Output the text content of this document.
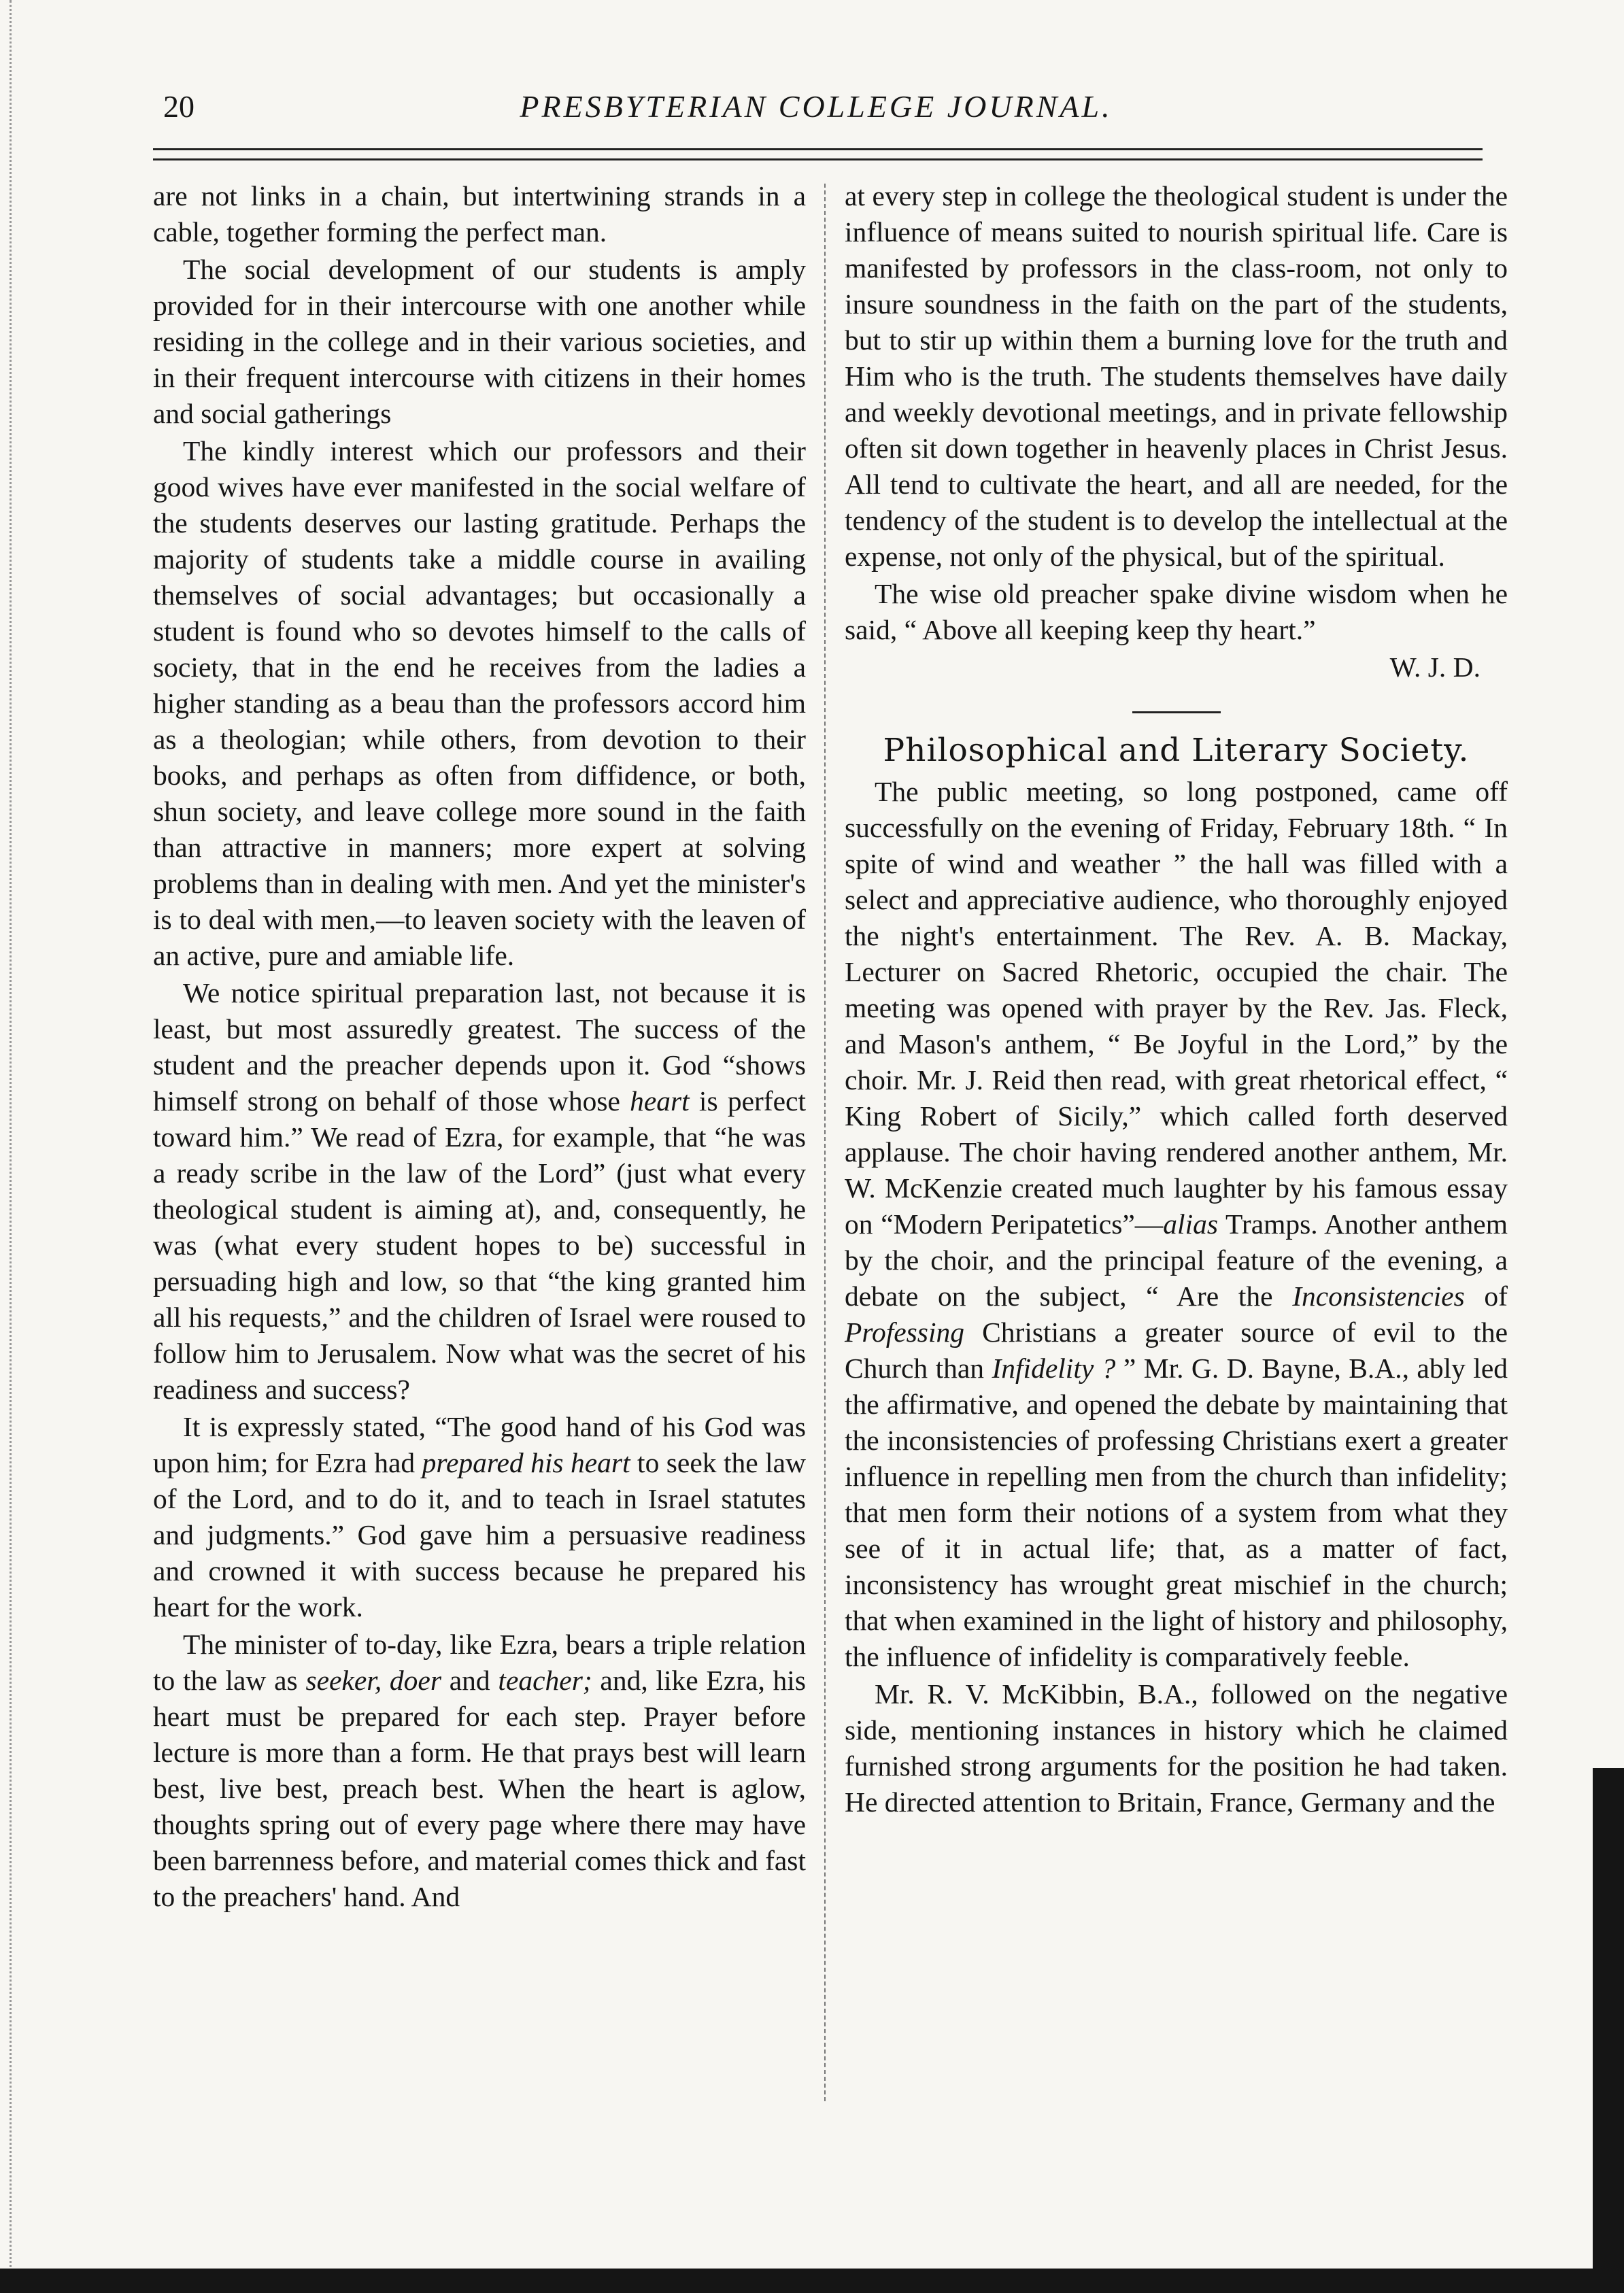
20	PRESBYTERIAN COLLEGE JOURNAL.

are not links in a chain, but intertwining strands in a cable, together forming the perfect man.

The social development of our students is amply provided for in their intercourse with one another while residing in the college and in their various societies, and in their frequent intercourse with citizens in their homes and social gatherings

The kindly interest which our professors and their good wives have ever manifested in the social welfare of the students deserves our lasting gratitude. Perhaps the majority of students take a middle course in availing themselves of social advantages; but occasionally a student is found who so devotes himself to the calls of society, that in the end he receives from the ladies a higher standing as a beau than the professors accord him as a theologian; while others, from devotion to their books, and perhaps as often from diffidence, or both, shun society, and leave college more sound in the faith than attractive in manners; more expert at solving problems than in dealing with men. And yet the minister's is to deal with men,—to leaven society with the leaven of an active, pure and amiable life.

We notice spiritual preparation last, not because it is least, but most assuredly greatest. The success of the student and the preacher depends upon it. God “shows himself strong on behalf of those whose heart is perfect toward him.” We read of Ezra, for example, that “he was a ready scribe in the law of the Lord” (just what every theological student is aiming at), and, consequently, he was (what every student hopes to be) successful in persuading high and low, so that “the king granted him all his requests,” and the children of Israel were roused to follow him to Jerusalem. Now what was the secret of his readiness and success?

It is expressly stated, “The good hand of his God was upon him; for Ezra had prepared his heart to seek the law of the Lord, and to do it, and to teach in Israel statutes and judgments.” God gave him a persuasive readiness and crowned it with success because he prepared his heart for the work.

The minister of to-day, like Ezra, bears a triple relation to the law as seeker, doer and teacher; and, like Ezra, his heart must be prepared for each step. Prayer before lecture is more than a form. He that prays best will learn best, live best, preach best. When the heart is aglow, thoughts spring out of every page where there may have been barrenness before, and material comes thick and fast to the preachers' hand. And

at every step in college the theological student is under the influence of means suited to nourish spiritual life. Care is manifested by professors in the class-room, not only to insure soundness in the faith on the part of the students, but to stir up within them a burning love for the truth and Him who is the truth. The students themselves have daily and weekly devotional meetings, and in private fellowship often sit down together in heavenly places in Christ Jesus. All tend to cultivate the heart, and all are needed, for the tendency of the student is to develop the intellectual at the expense, not only of the physical, but of the spiritual.

The wise old preacher spake divine wisdom when he said, “ Above all keeping keep thy heart.”

W. J. D.

Philosophical and Literary Society.

The public meeting, so long postponed, came off successfully on the evening of Friday, February 18th. “ In spite of wind and weather ” the hall was filled with a select and appreciative audience, who thoroughly enjoyed the night's entertainment. The Rev. A. B. Mackay, Lecturer on Sacred Rhetoric, occupied the chair. The meeting was opened with prayer by the Rev. Jas. Fleck, and Mason's anthem, “ Be Joyful in the Lord,” by the choir. Mr. J. Reid then read, with great rhetorical effect, “ King Robert of Sicily,” which called forth deserved applause. The choir having rendered another anthem, Mr. W. McKenzie created much laughter by his famous essay on “Modern Peripatetics”—alias Tramps. Another anthem by the choir, and the principal feature of the evening, a debate on the subject, “ Are the Inconsistencies of Professing Christians a greater source of evil to the Church than Infidelity ? ” Mr. G. D. Bayne, B.A., ably led the affirmative, and opened the debate by maintaining that the inconsistencies of professing Christians exert a greater influence in repelling men from the church than infidelity; that men form their notions of a system from what they see of it in actual life; that, as a matter of fact, inconsistency has wrought great mischief in the church; that when examined in the light of history and philosophy, the influence of infidelity is comparatively feeble.

Mr. R. V. McKibbin, B.A., followed on the negative side, mentioning instances in history which he claimed furnished strong arguments for the position he had taken. He directed attention to Britain, France, Germany and the
